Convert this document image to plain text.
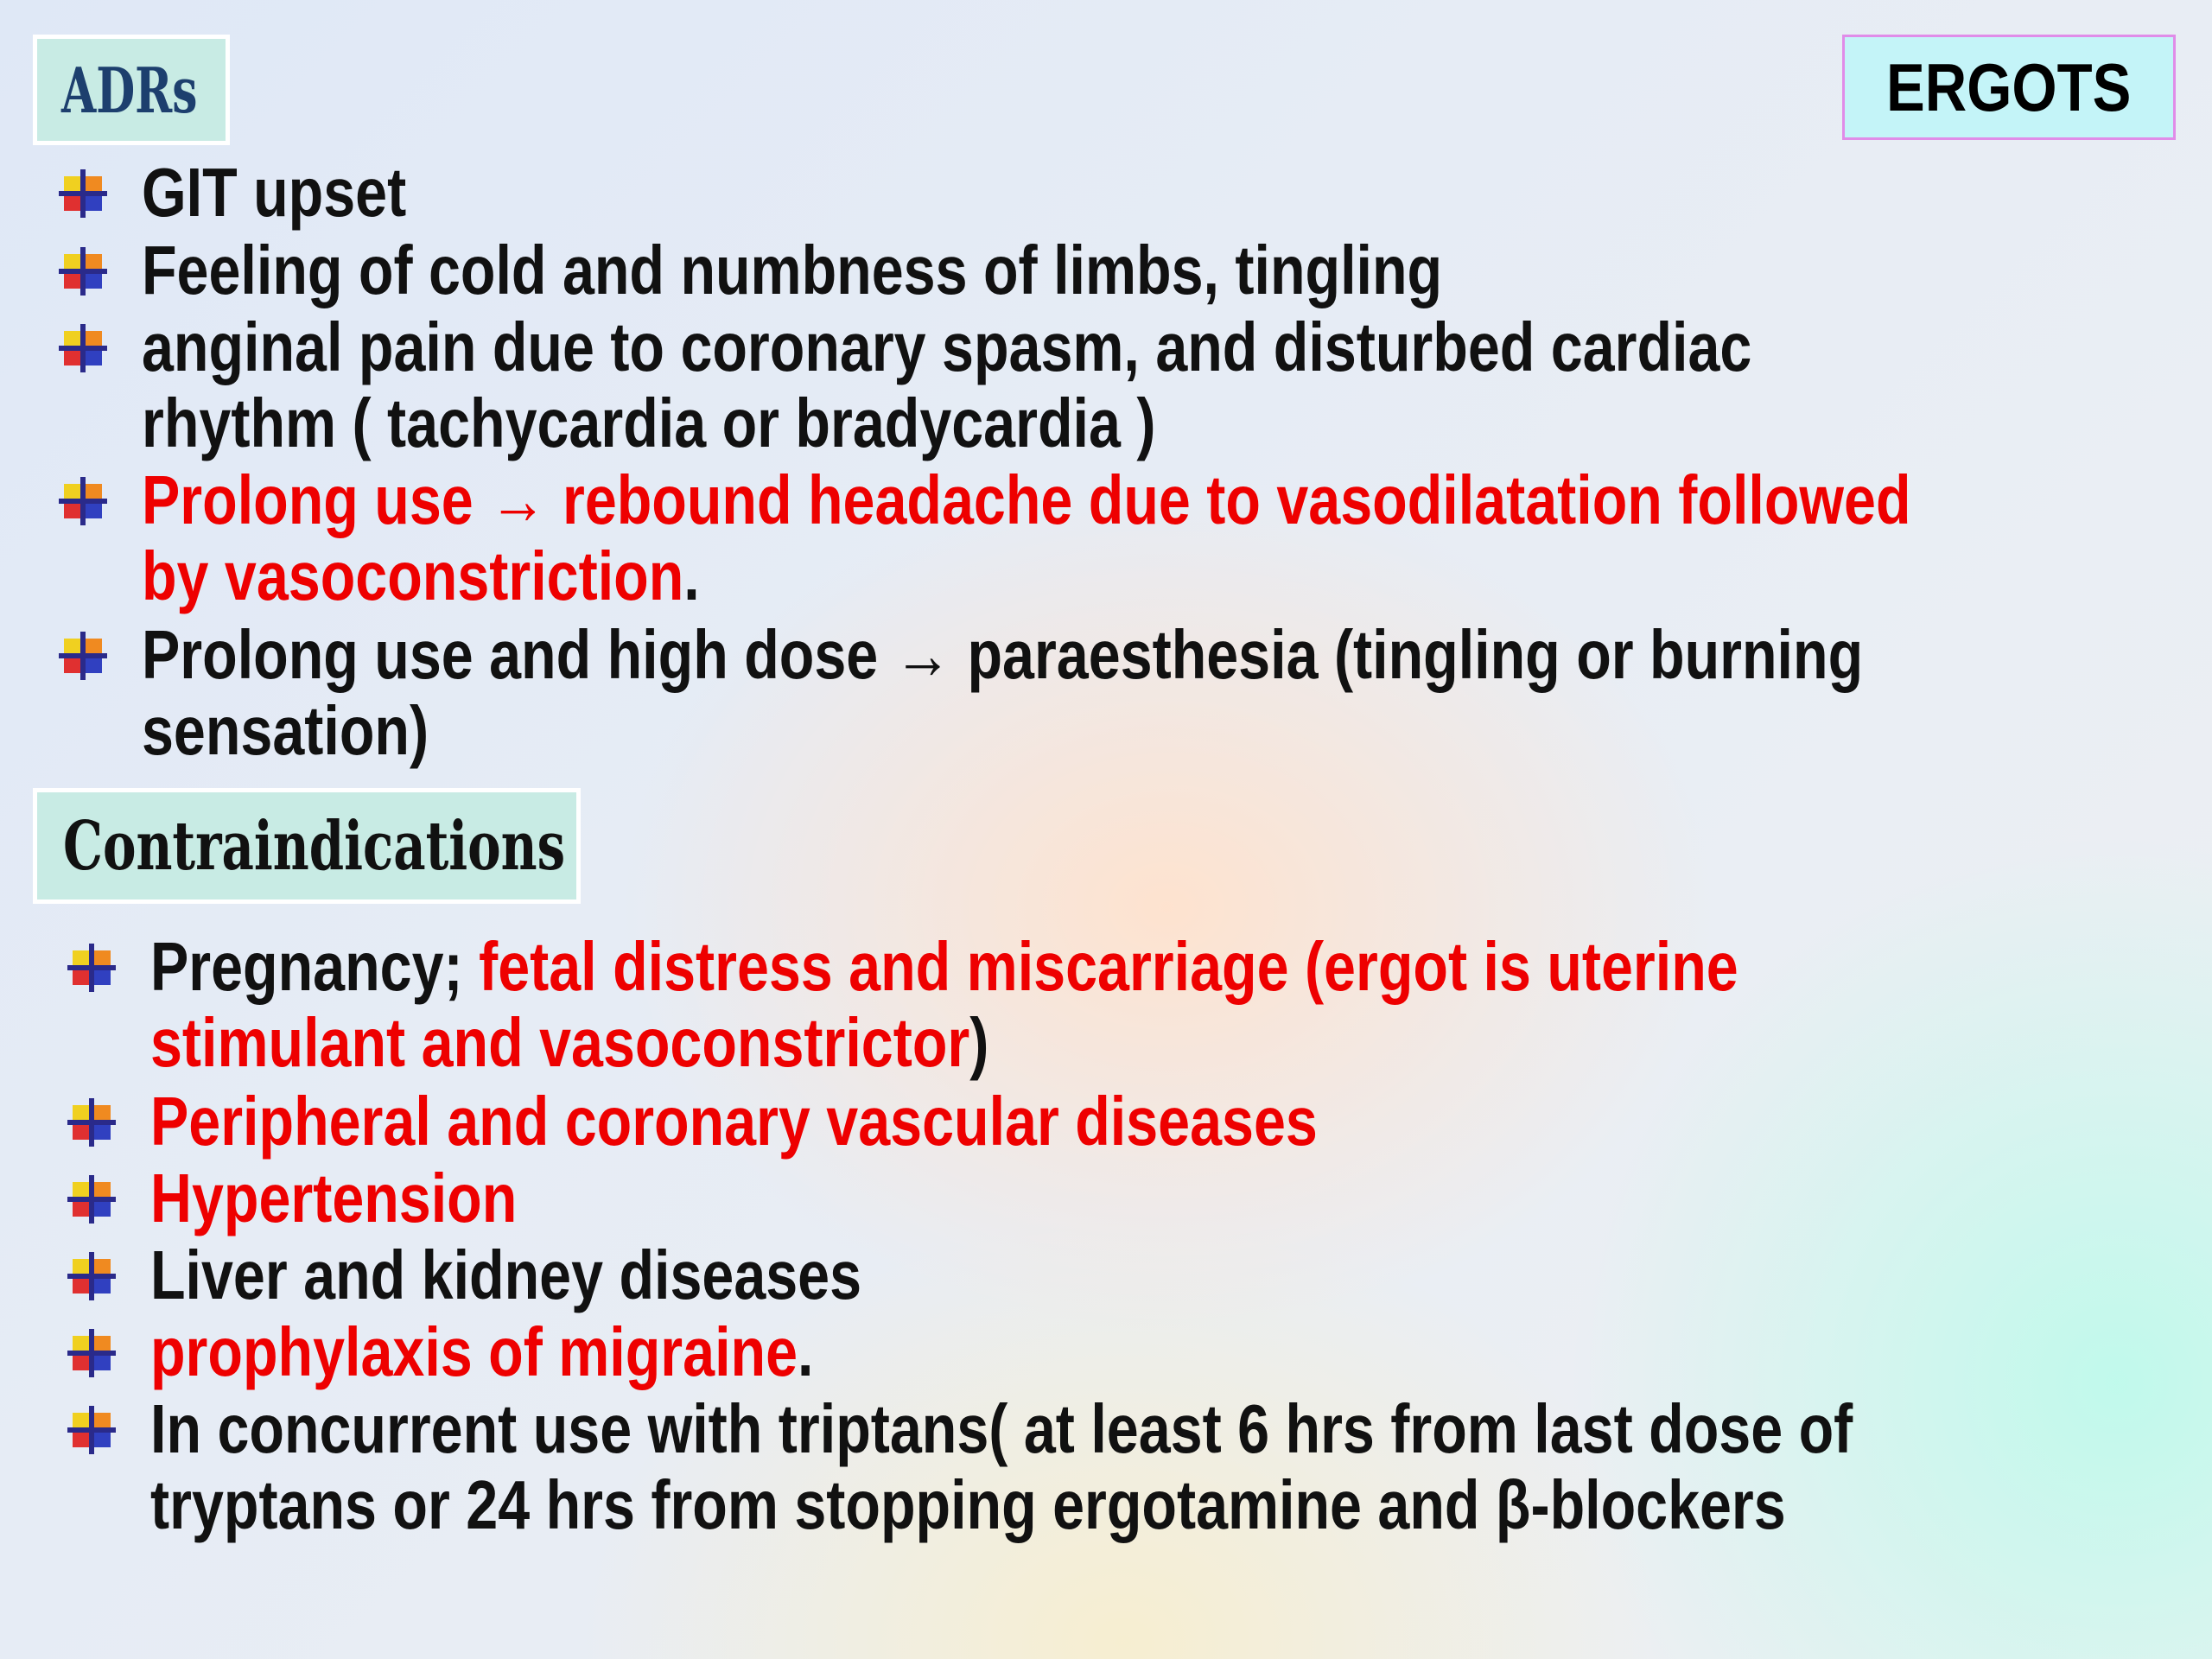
ADRs	ERGOTS
GIT upset
Feeling of cold and numbness of limbs, tingling
anginal pain due to coronary spasm, and disturbed cardiac
rhythm ( tachycardia or bradycardia )
Prolong use → rebound headache due to vasodilatation followed
by vasoconstriction.
Prolong use and high dose → paraesthesia (tingling or burning
sensation)
Contraindications
Pregnancy; fetal distress and miscarriage (ergot is uterine
stimulant and vasoconstrictor)
Peripheral and coronary vascular diseases
Hypertension
Liver and kidney diseases
prophylaxis of migraine.
In concurrent use with triptans( at least 6 hrs from last dose of
tryptans or 24 hrs from stopping ergotamine and β-blockers
